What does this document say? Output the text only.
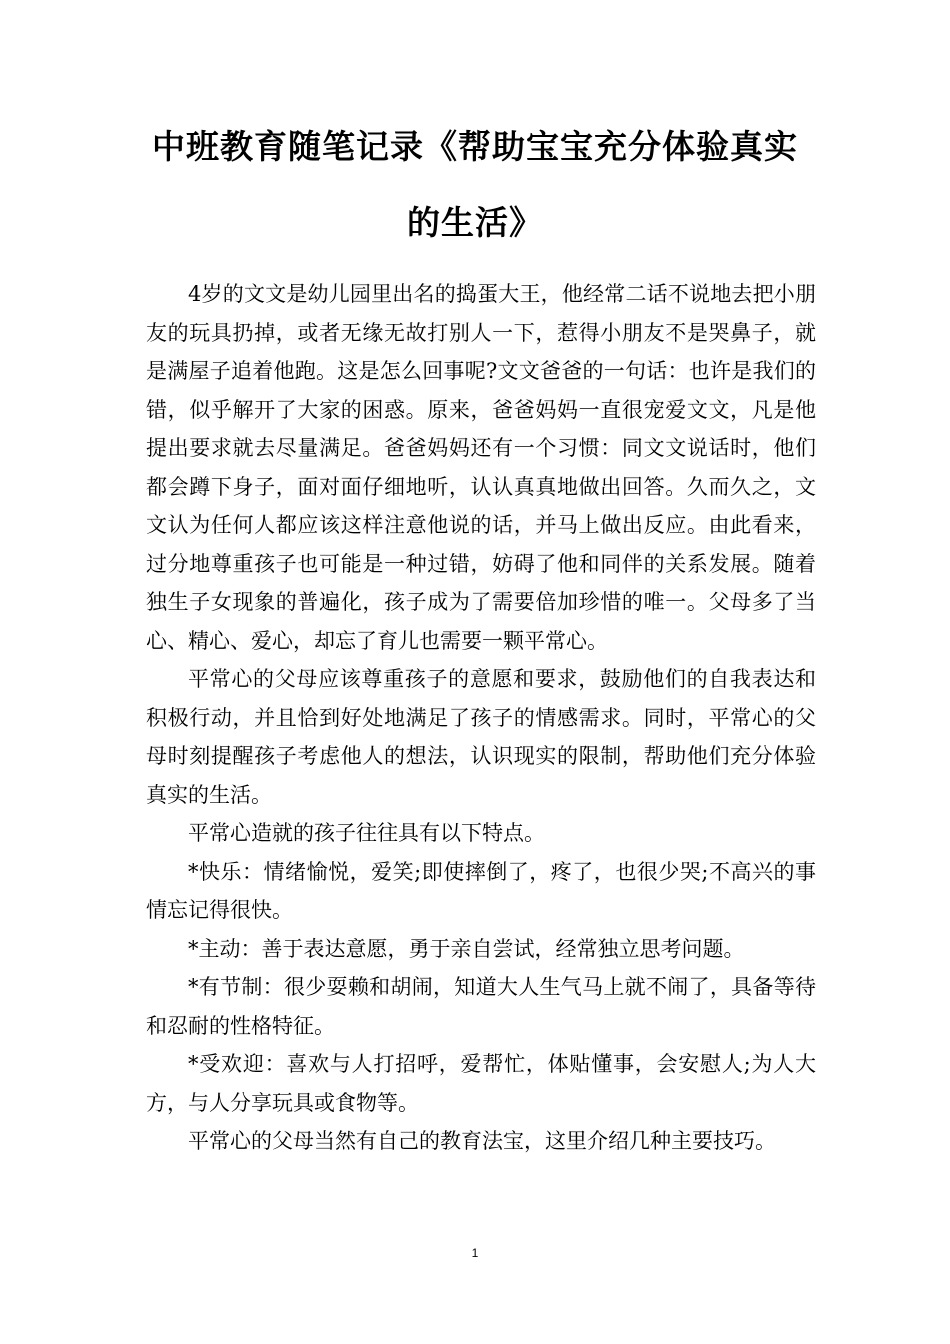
中班教育随笔记录《帮助宝宝充分体验真实
的生活》

4岁的文文是幼儿园里出名的捣蛋大王，他经常二话不说地去把小朋友的玩具扔掉，或者无缘无故打别人一下，惹得小朋友不是哭鼻子，就是满屋子追着他跑。这是怎么回事呢?文文爸爸的一句话：也许是我们的错，似乎解开了大家的困惑。原来，爸爸妈妈一直很宠爱文文，凡是他提出要求就去尽量满足。爸爸妈妈还有一个习惯：同文文说话时，他们都会蹲下身子，面对面仔细地听，认认真真地做出回答。久而久之，文文认为任何人都应该这样注意他说的话，并马上做出反应。由此看来，过分地尊重孩子也可能是一种过错，妨碍了他和同伴的关系发展。随着独生子女现象的普遍化，孩子成为了需要倍加珍惜的唯一。父母多了当心、精心、爱心，却忘了育儿也需要一颗平常心。

平常心的父母应该尊重孩子的意愿和要求，鼓励他们的自我表达和积极行动，并且恰到好处地满足了孩子的情感需求。同时，平常心的父母时刻提醒孩子考虑他人的想法，认识现实的限制，帮助他们充分体验真实的生活。

平常心造就的孩子往往具有以下特点。

*快乐：情绪愉悦，爱笑;即使摔倒了，疼了，也很少哭;不高兴的事情忘记得很快。

*主动：善于表达意愿，勇于亲自尝试，经常独立思考问题。

*有节制：很少耍赖和胡闹，知道大人生气马上就不闹了，具备等待和忍耐的性格特征。

*受欢迎：喜欢与人打招呼，爱帮忙，体贴懂事，会安慰人;为人大方，与人分享玩具或食物等。

平常心的父母当然有自己的教育法宝，这里介绍几种主要技巧。

1
